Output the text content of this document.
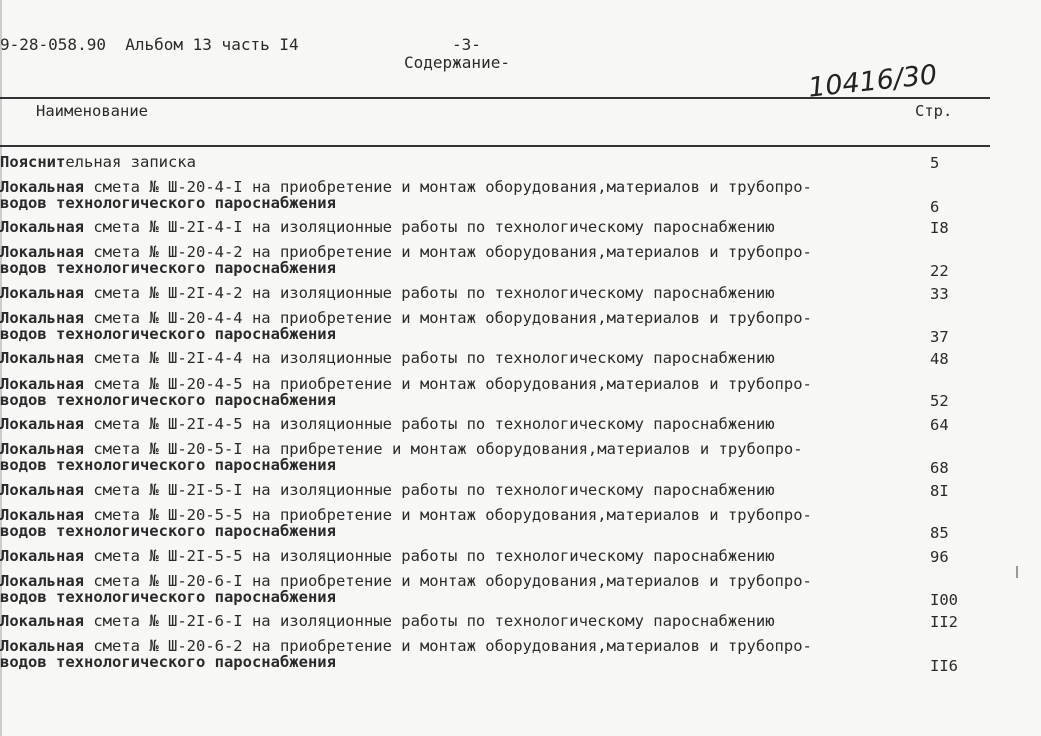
9-28-058.90  Альбом 13 часть I4	-3-
Содержание-	10416/30
Наименование	Стр.
Пояснительная записка	5
Локальная смета № Ш-20-4-I на приобретение и монтаж оборудования,материалов и трубопро-
водов технологического пароснабжения	6
Локальная смета № Ш-2I-4-I на изоляционные работы по технологическому пароснабжению	I8
Локальная смета № Ш-20-4-2 на приобретение и монтаж оборудования,материалов и трубопро-
водов технологического пароснабжения	22
Локальная смета № Ш-2I-4-2 на изоляционные работы по технологическому пароснабжению	33
Локальная смета № Ш-20-4-4 на приобретение и монтаж оборудования,материалов и трубопро-
водов технологического пароснабжения	37
Локальная смета № Ш-2I-4-4 на изоляционные работы по технологическому пароснабжению	48
Локальная смета № Ш-20-4-5 на приобретение и монтаж оборудования,материалов и трубопро-
водов технологического пароснабжения	52
Локальная смета № Ш-2I-4-5 на изоляционные работы по технологическому пароснабжению	64
Локальная смета № Ш-20-5-I на прибретение и монтаж оборудования,материалов и трубопро-
водов технологического пароснабжения	68
Локальная смета № Ш-2I-5-I на изоляционные работы по технологическому пароснабжению	8I
Локальная смета № Ш-20-5-5 на приобретение и монтаж оборудования,материалов и трубопро-
водов технологического пароснабжения	85
Локальная смета № Ш-2I-5-5 на изоляционные работы по технологическому пароснабжению	96
Локальная смета № Ш-20-6-I на приобретение и монтаж оборудования,материалов и трубопро-
водов технологического пароснабжения	I00
Локальная смета № Ш-2I-6-I на изоляционные работы по технологическому пароснабжению	II2
Локальная смета № Ш-20-6-2 на приобретение и монтаж оборудования,материалов и трубопро-
водов технологического пароснабжения	II6
